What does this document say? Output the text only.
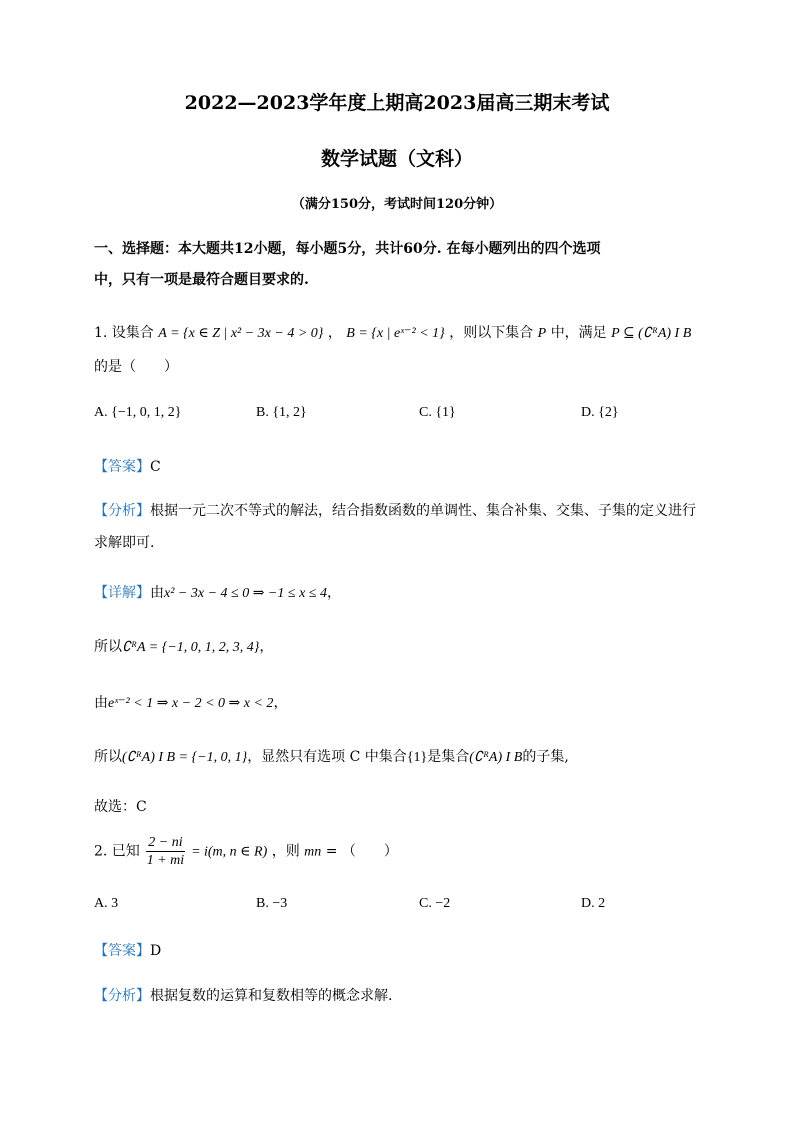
2022—2023学年度上期高2023届高三期末考试
数学试题（文科）
（满分150分，考试时间120分钟）
一、选择题：本大题共12小题，每小题5分，共计60分. 在每小题列出的四个选项
中，只有一项是最符合题目要求的.
1. 设集合 A = {x ∈ Z | x² − 3x − 4 > 0} ， B = {x | eˣ⁻² < 1} ，则以下集合 P 中，满足 P ⊆ (∁ᴿA) I B
的是（　　）
A. {−1, 0, 1, 2}	B. {1, 2}	C. {1}	D. {2}
【答案】C
【分析】根据一元二次不等式的解法，结合指数函数的单调性、集合补集、交集、子集的定义进行
求解即可.
【详解】由x² − 3x − 4 ≤ 0 ⇒ −1 ≤ x ≤ 4，
所以∁ᴿA = {−1, 0, 1, 2, 3, 4}，
由eˣ⁻² < 1 ⇒ x − 2 < 0 ⇒ x < 2，
所以(∁ᴿA) I B = {−1, 0, 1}，显然只有选项 C 中集合{1}是集合(∁ᴿA) I B的子集,
故选：C
2. 已知 $\frac{2 - ni}{1 + mi} = i(m$, n ∈ R) ，则 mn = （　　）
A. 3	B. −3	C. −2	D. 2
【答案】D
【分析】根据复数的运算和复数相等的概念求解.
